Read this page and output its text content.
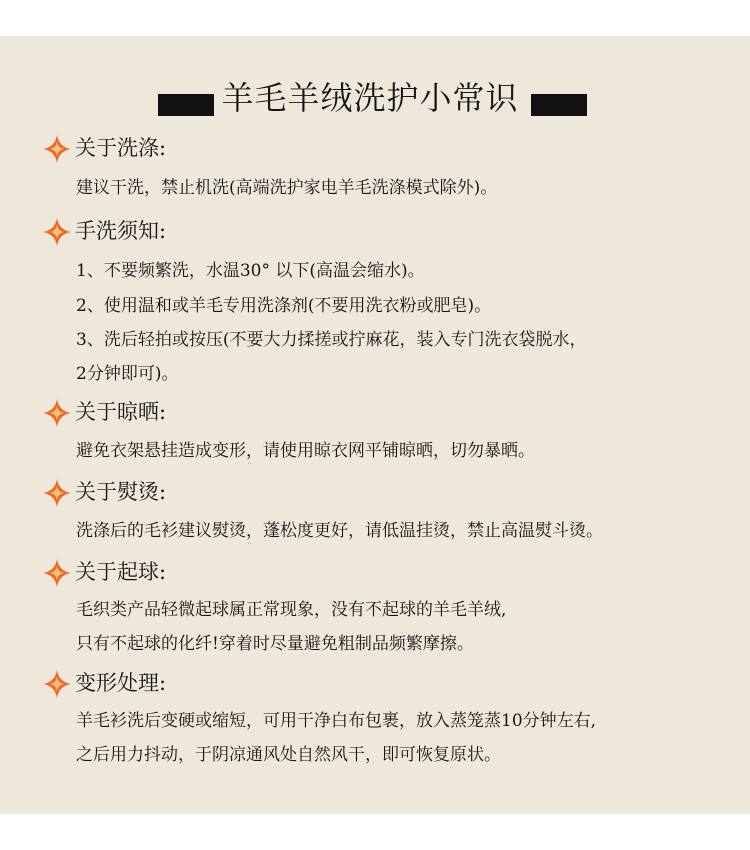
羊毛羊绒洗护小常识
关于洗涤:
建议干洗，禁止机洗(高端洗护家电羊毛洗涤模式除外)。
手洗须知:
1、不要频繁洗，水温30° 以下(高温会缩水)。
2、使用温和或羊毛专用洗涤剂(不要用洗衣粉或肥皂)。
3、洗后轻拍或按压(不要大力揉搓或拧麻花，装入专门洗衣袋脱水，
2分钟即可)。
关于晾晒:
避免衣架悬挂造成变形，请使用晾衣网平铺晾晒，切勿暴晒。
关于熨烫:
洗涤后的毛衫建议熨烫，蓬松度更好，请低温挂烫，禁止高温熨斗烫。
关于起球:
毛织类产品轻微起球属正常现象，没有不起球的羊毛羊绒,
只有不起球的化纤!穿着时尽量避免粗制品频繁摩擦。
变形处理:
羊毛衫洗后变硬或缩短，可用干净白布包裹，放入蒸笼蒸10分钟左右,
之后用力抖动，于阴凉通风处自然风干，即可恢复原状。
